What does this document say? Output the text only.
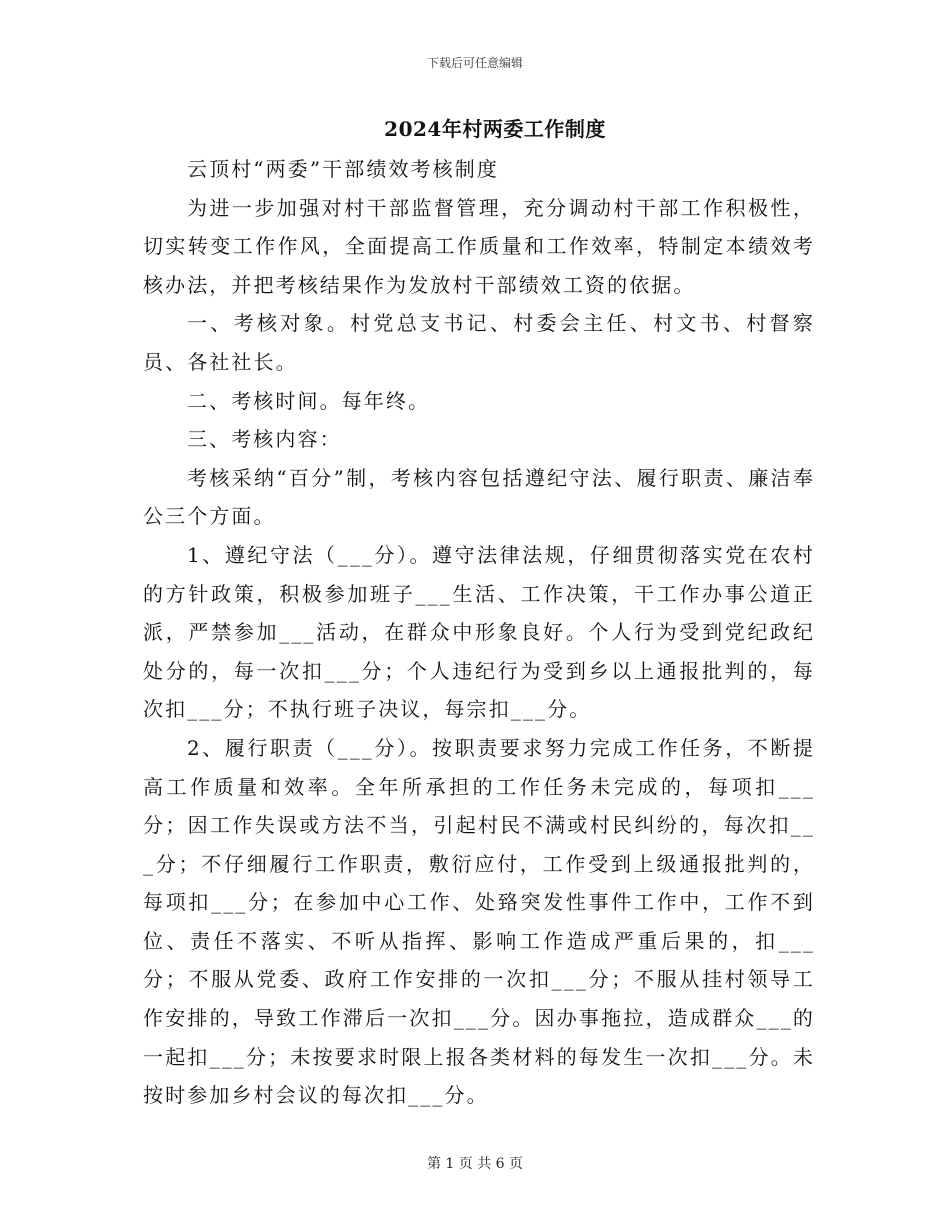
下载后可任意编辑
2024年村两委工作制度

云顶村“两委”干部绩效考核制度

为进一步加强对村干部监督管理，充分调动村干部工作积极性，切实转变工作作风，全面提高工作质量和工作效率，特制定本绩效考核办法，并把考核结果作为发放村干部绩效工资的依据。

一、考核对象。村党总支书记、村委会主任、村文书、村督察员、各社社长。

二、考核时间。每年终。

三、考核内容：

考核采纳“百分”制，考核内容包括遵纪守法、履行职责、廉洁奉公三个方面。

1、遵纪守法（___分）。遵守法律法规，仔细贯彻落实党在农村的方针政策，积极参加班子___生活、工作决策，干工作办事公道正派，严禁参加___活动，在群众中形象良好。个人行为受到党纪政纪处分的，每一次扣___分；个人违纪行为受到乡以上通报批判的，每次扣___分；不执行班子决议，每宗扣___分。

2、履行职责（___分）。按职责要求努力完成工作任务，不断提高工作质量和效率。全年所承担的工作任务未完成的，每项扣___分；因工作失误或方法不当，引起村民不满或村民纠纷的，每次扣___分；不仔细履行工作职责，敷衍应付，工作受到上级通报批判的，每项扣___分；在参加中心工作、处臵突发性事件工作中，工作不到位、责任不落实、不听从指挥、影响工作造成严重后果的，扣___分；不服从党委、政府工作安排的一次扣___分；不服从挂村领导工作安排的，导致工作滞后一次扣___分。因办事拖拉，造成群众___的一起扣___分；未按要求时限上报各类材料的每发生一次扣___分。未按时参加乡村会议的每次扣___分。

第 1 页 共 6 页
